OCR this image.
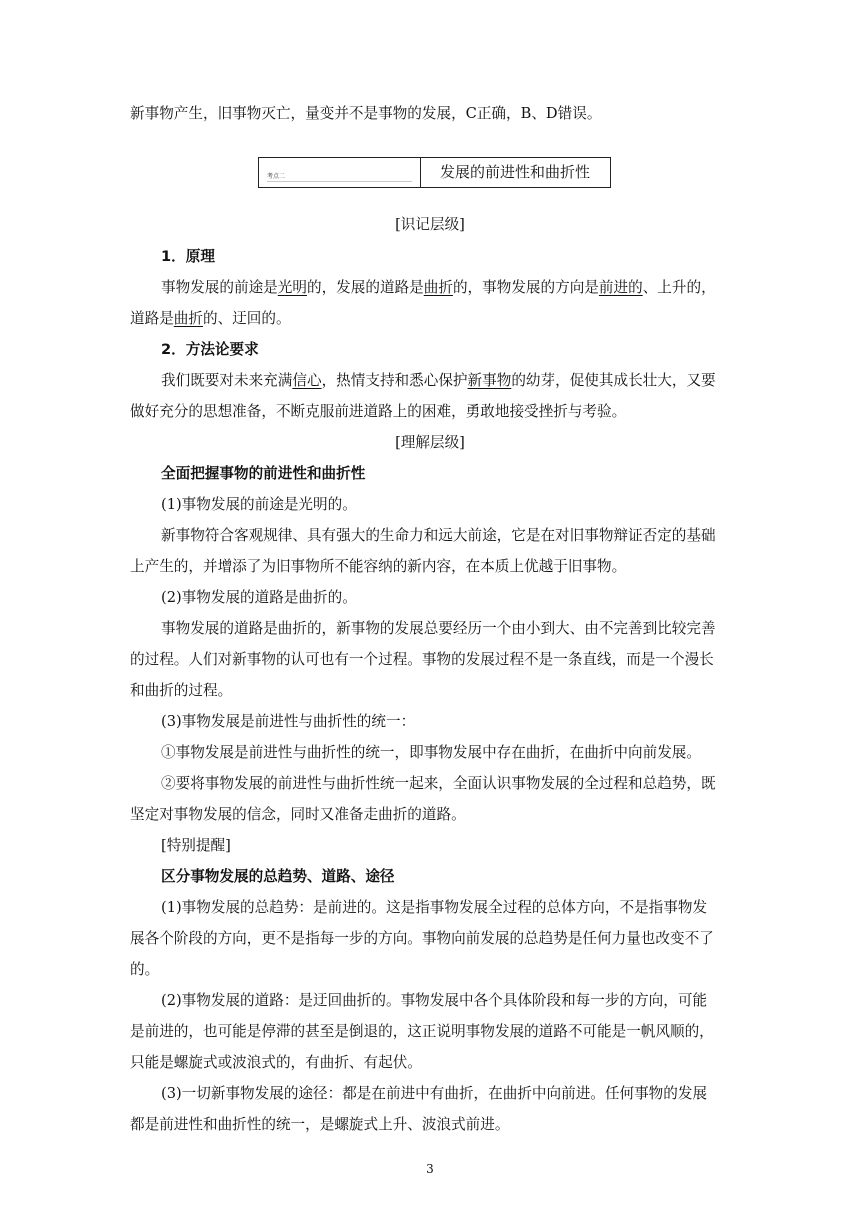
新事物产生，旧事物灭亡，量变并不是事物的发展，C正确，B、D错误。
考点二	发展的前进性和曲折性
[识记层级]
1．原理
事物发展的前途是光明的，发展的道路是曲折的，事物发展的方向是前进的、上升的，
道路是曲折的、迂回的。
2．方法论要求
我们既要对未来充满信心，热情支持和悉心保护新事物的幼芽，促使其成长壮大，又要
做好充分的思想准备，不断克服前进道路上的困难，勇敢地接受挫折与考验。
[理解层级]
全面把握事物的前进性和曲折性
(1)事物发展的前途是光明的。
新事物符合客观规律、具有强大的生命力和远大前途，它是在对旧事物辩证否定的基础
上产生的，并增添了为旧事物所不能容纳的新内容，在本质上优越于旧事物。
(2)事物发展的道路是曲折的。
事物发展的道路是曲折的，新事物的发展总要经历一个由小到大、由不完善到比较完善
的过程。人们对新事物的认可也有一个过程。事物的发展过程不是一条直线，而是一个漫长
和曲折的过程。
(3)事物发展是前进性与曲折性的统一：
①事物发展是前进性与曲折性的统一，即事物发展中存在曲折，在曲折中向前发展。
②要将事物发展的前进性与曲折性统一起来，全面认识事物发展的全过程和总趋势，既
坚定对事物发展的信念，同时又准备走曲折的道路。
[特别提醒]
区分事物发展的总趋势、道路、途径
(1)事物发展的总趋势：是前进的。这是指事物发展全过程的总体方向，不是指事物发
展各个阶段的方向，更不是指每一步的方向。事物向前发展的总趋势是任何力量也改变不了
的。
(2)事物发展的道路：是迂回曲折的。事物发展中各个具体阶段和每一步的方向，可能
是前进的，也可能是停滞的甚至是倒退的，这正说明事物发展的道路不可能是一帆风顺的，
只能是螺旋式或波浪式的，有曲折、有起伏。
(3)一切新事物发展的途径：都是在前进中有曲折，在曲折中向前进。任何事物的发展
都是前进性和曲折性的统一，是螺旋式上升、波浪式前进。
3
